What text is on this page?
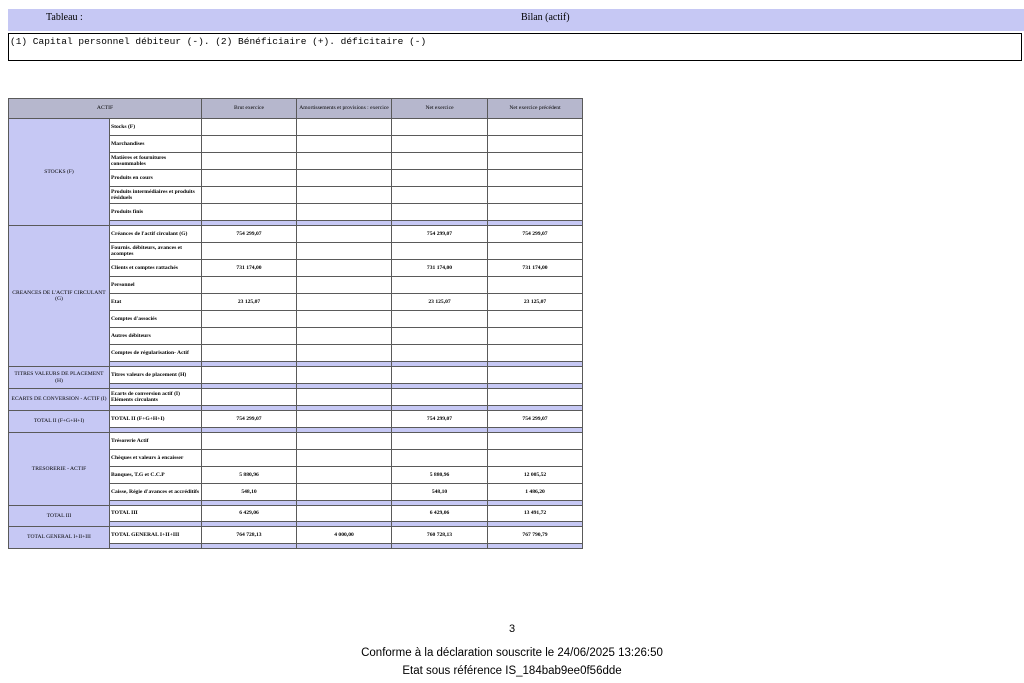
Tableau :	Bilan (actif)
(1) Capital personnel débiteur (-). (2) Bénéficiaire (+). déficitaire (-)
ACTIF		Brut exercice	Amortissements et provisions : exercice	Net exercice	Net exercice précédent
STOCKS (F)	Stocks (F)				
	Marchandises				
	Matières et fournitures consommables				
	Produits en cours				
	Produits intermédiaires et produits résiduels				
	Produits finis				

CREANCES DE L'ACTIF CIRCULANT (G)	Créances de l'actif circulant (G)	754 299,07		754 299,07	754 299,07
	Fournis. débiteurs, avances et acomptes				
	Clients et comptes rattachés	731 174,00		731 174,00	731 174,00
	Personnel				
	Etat	23 125,07		23 125,07	23 125,07
	Comptes d'associés				
	Autres débiteurs				
	Comptes de régularisation- Actif				

TITRES VALEURS DE PLACEMENT (H)	Titres valeurs de placement (H)				

ECARTS DE CONVERSION - ACTIF (I)	Ecarts de conversion actif (I) Eléments circulants				

TOTAL II (F+G+H+I)	TOTAL II (F+G+H+I)	754 299,07		754 299,07	754 299,07

TRESORERIE - ACTIF	Trésorerie Actif				
	Chèques et valeurs à encaisser				
	Banques, T.G et C.C.P	5 880,96		5 880,96	12 005,52
	Caisse, Régie d'avances et accréditifs	548,10		548,10	1 486,20

TOTAL III	TOTAL III	6 429,06		6 429,06	13 491,72

TOTAL GENERAL I+II+III	TOTAL GENERAL I+II+III	764 728,13	4 000,00	760 728,13	767 790,79

3
Conforme à la déclaration souscrite le 24/06/2025 13:26:50
Etat sous référence IS_184bab9ee0f56dde
